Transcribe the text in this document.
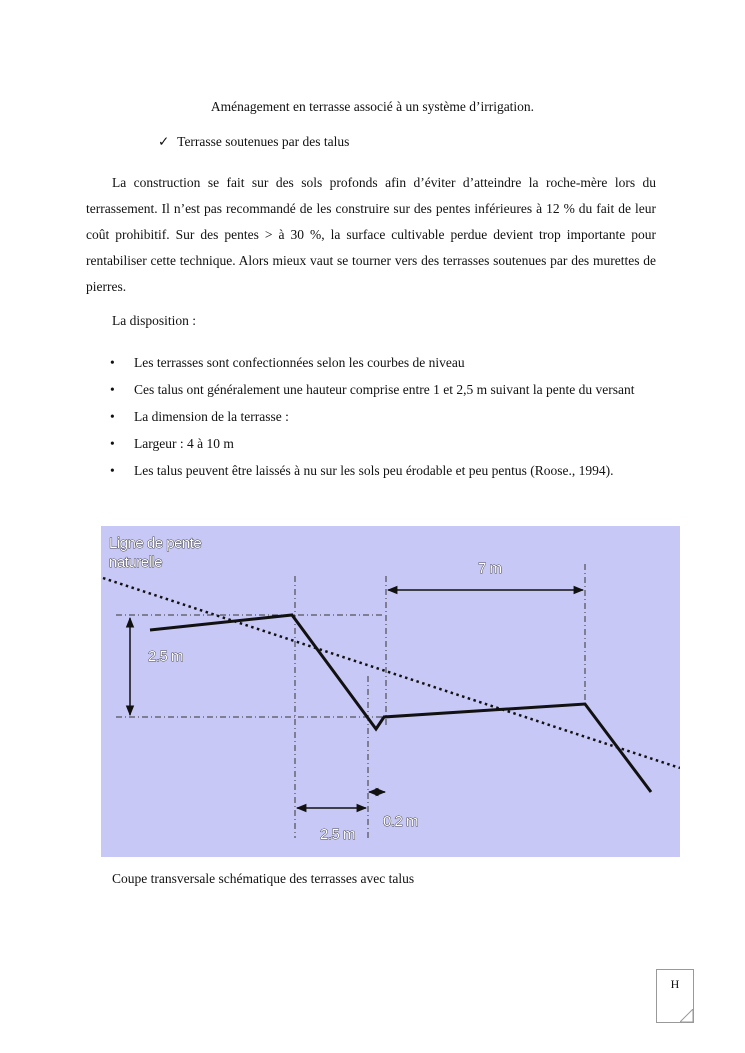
Aménagement en terrasse associé à un système d’irrigation.
✓ Terrasse soutenues par des talus
La construction se fait sur des sols profonds afin d’éviter d’atteindre la roche-mère lors du terrassement. Il n’est pas recommandé de les construire sur des pentes inférieures à 12 % du fait de leur coût prohibitif. Sur des pentes > à 30 %, la surface cultivable perdue devient trop importante pour rentabiliser cette technique. Alors mieux vaut se tourner vers des terrasses soutenues par des murettes de pierres.
La disposition :
• Les terrasses sont confectionnées selon les courbes de niveau
• Ces talus ont généralement une hauteur comprise entre 1 et 2,5 m suivant la pente du versant
• La dimension de la terrasse :
• Largeur : 4 à 10 m
• Les talus peuvent être laissés à nu sur les sols peu érodable et peu pentus (Roose., 1994).
Ligne de pente
naturelle	7 m
2.5 m
2.5 m
0.2 m
Coupe transversale schématique des terrasses avec talus
H
